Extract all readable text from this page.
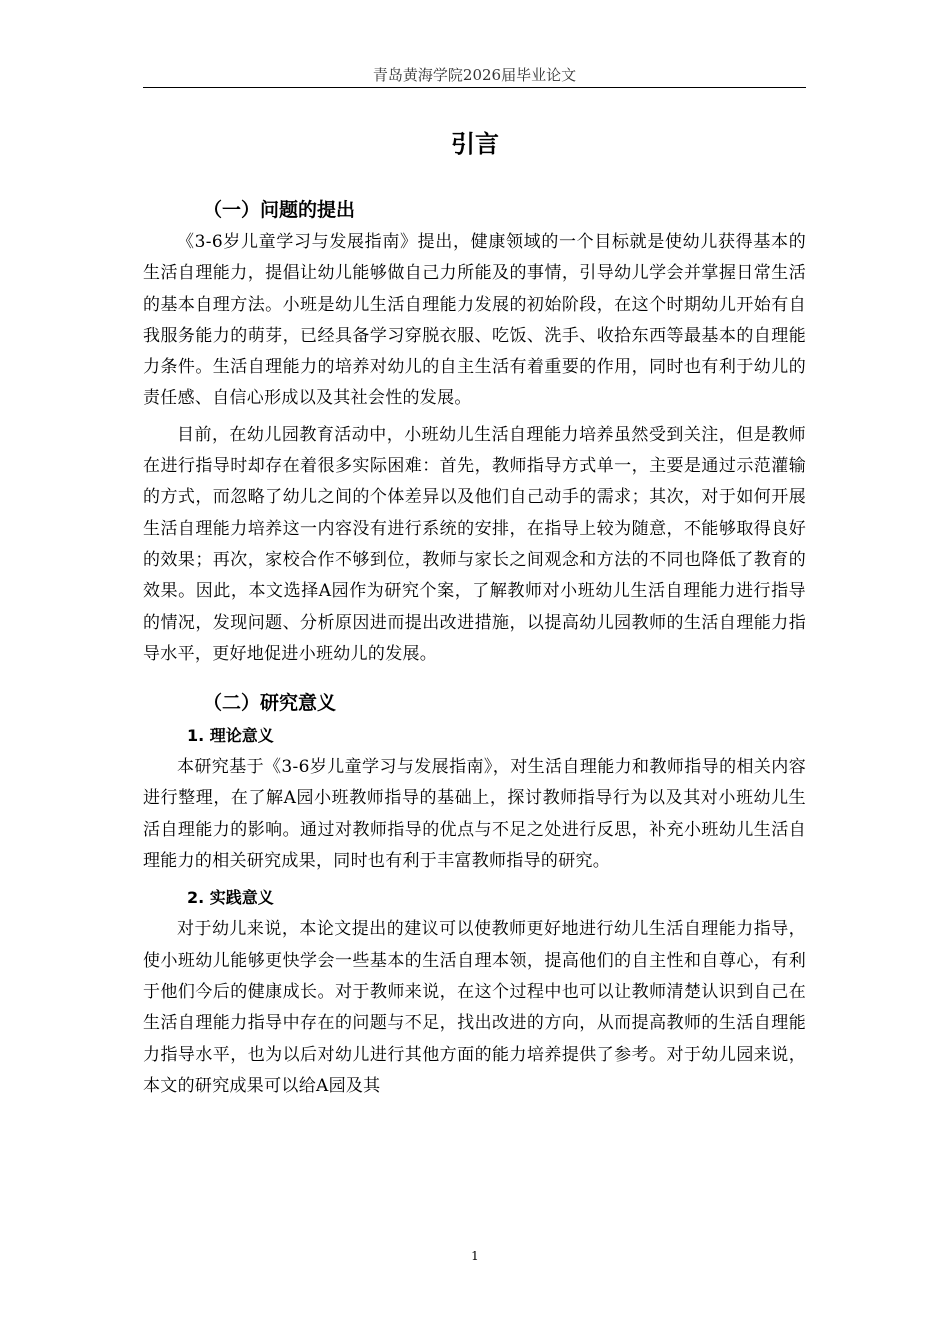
青岛黄海学院2026届毕业论文
引言
（一）问题的提出

《3-6岁儿童学习与发展指南》提出，健康领域的一个目标就是使幼儿获得基本的生活自理能力，提倡让幼儿能够做自己力所能及的事情，引导幼儿学会并掌握日常生活的基本自理方法。小班是幼儿生活自理能力发展的初始阶段，在这个时期幼儿开始有自我服务能力的萌芽，已经具备学习穿脱衣服、吃饭、洗手、收拾东西等最基本的自理能力条件。生活自理能力的培养对幼儿的自主生活有着重要的作用，同时也有利于幼儿的责任感、自信心形成以及其社会性的发展。

目前，在幼儿园教育活动中，小班幼儿生活自理能力培养虽然受到关注，但是教师在进行指导时却存在着很多实际困难：首先，教师指导方式单一，主要是通过示范灌输的方式，而忽略了幼儿之间的个体差异以及他们自己动手的需求；其次，对于如何开展生活自理能力培养这一内容没有进行系统的安排，在指导上较为随意，不能够取得良好的效果；再次，家校合作不够到位，教师与家长之间观念和方法的不同也降低了教育的效果。因此，本文选择A园作为研究个案，了解教师对小班幼儿生活自理能力进行指导的情况，发现问题、分析原因进而提出改进措施，以提高幼儿园教师的生活自理能力指导水平，更好地促进小班幼儿的发展。

（二）研究意义
1. 理论意义

本研究基于《3-6岁儿童学习与发展指南》，对生活自理能力和教师指导的相关内容进行整理，在了解A园小班教师指导的基础上，探讨教师指导行为以及其对小班幼儿生活自理能力的影响。通过对教师指导的优点与不足之处进行反思，补充小班幼儿生活自理能力的相关研究成果，同时也有利于丰富教师指导的研究。

2. 实践意义

对于幼儿来说，本论文提出的建议可以使教师更好地进行幼儿生活自理能力指导，使小班幼儿能够更快学会一些基本的生活自理本领，提高他们的自主性和自尊心，有利于他们今后的健康成长。对于教师来说，在这个过程中也可以让教师清楚认识到自己在生活自理能力指导中存在的问题与不足，找出改进的方向，从而提高教师的生活自理能力指导水平，也为以后对幼儿进行其他方面的能力培养提供了参考。对于幼儿园来说，本文的研究成果可以给A园及其

1
